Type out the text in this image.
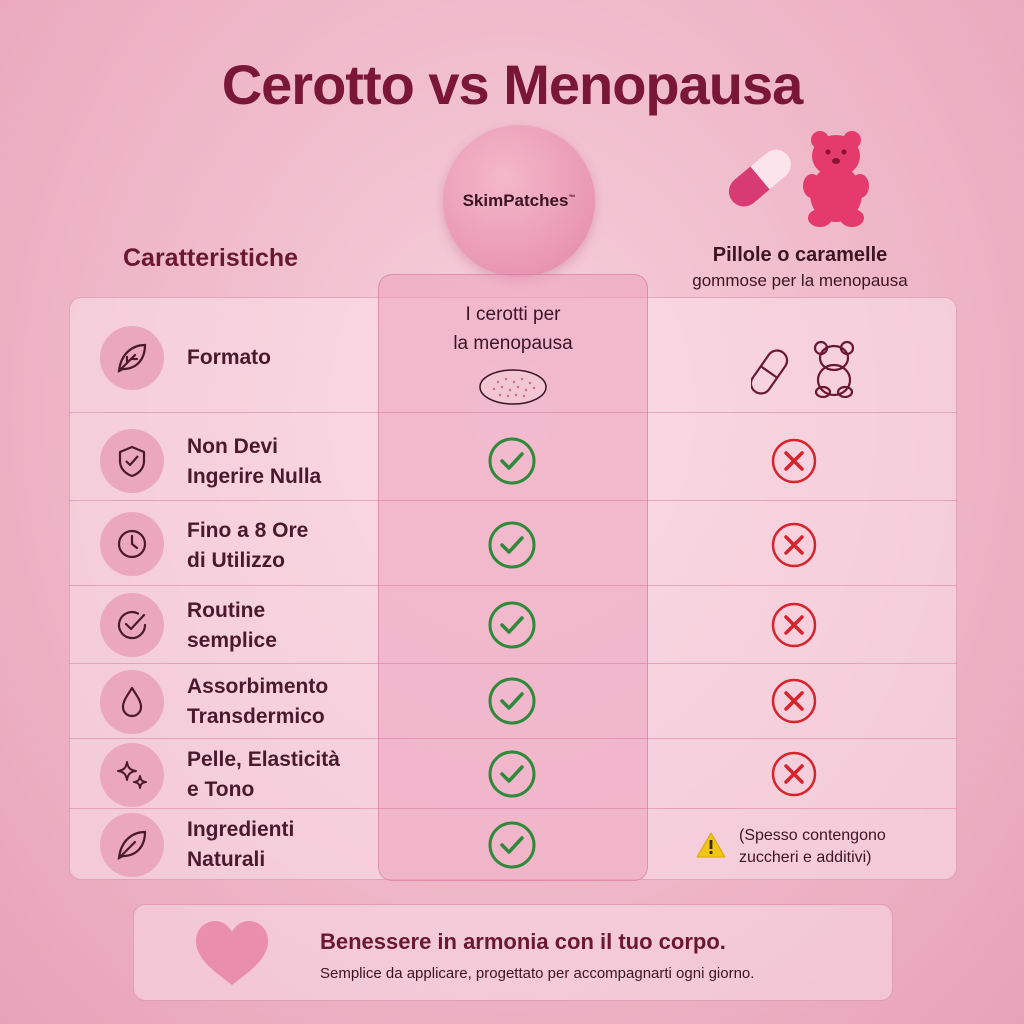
Cerotto vs Menopausa
SkimPatches™
Caratteristiche	Pillole o caramelle
gommose per la menopausa
I cerotti per
la menopausa
Formato
Non Devi
Ingerire Nulla
Fino a 8 Ore
di Utilizzo
Routine
semplice
Assorbimento
Transdermico
Pelle, Elasticità
e Tono
Ingredienti
Naturali
(Spesso contengono
zuccheri e additivi)
Benessere in armonia con il tuo corpo.
Semplice da applicare, progettato per accompagnarti ogni giorno.
